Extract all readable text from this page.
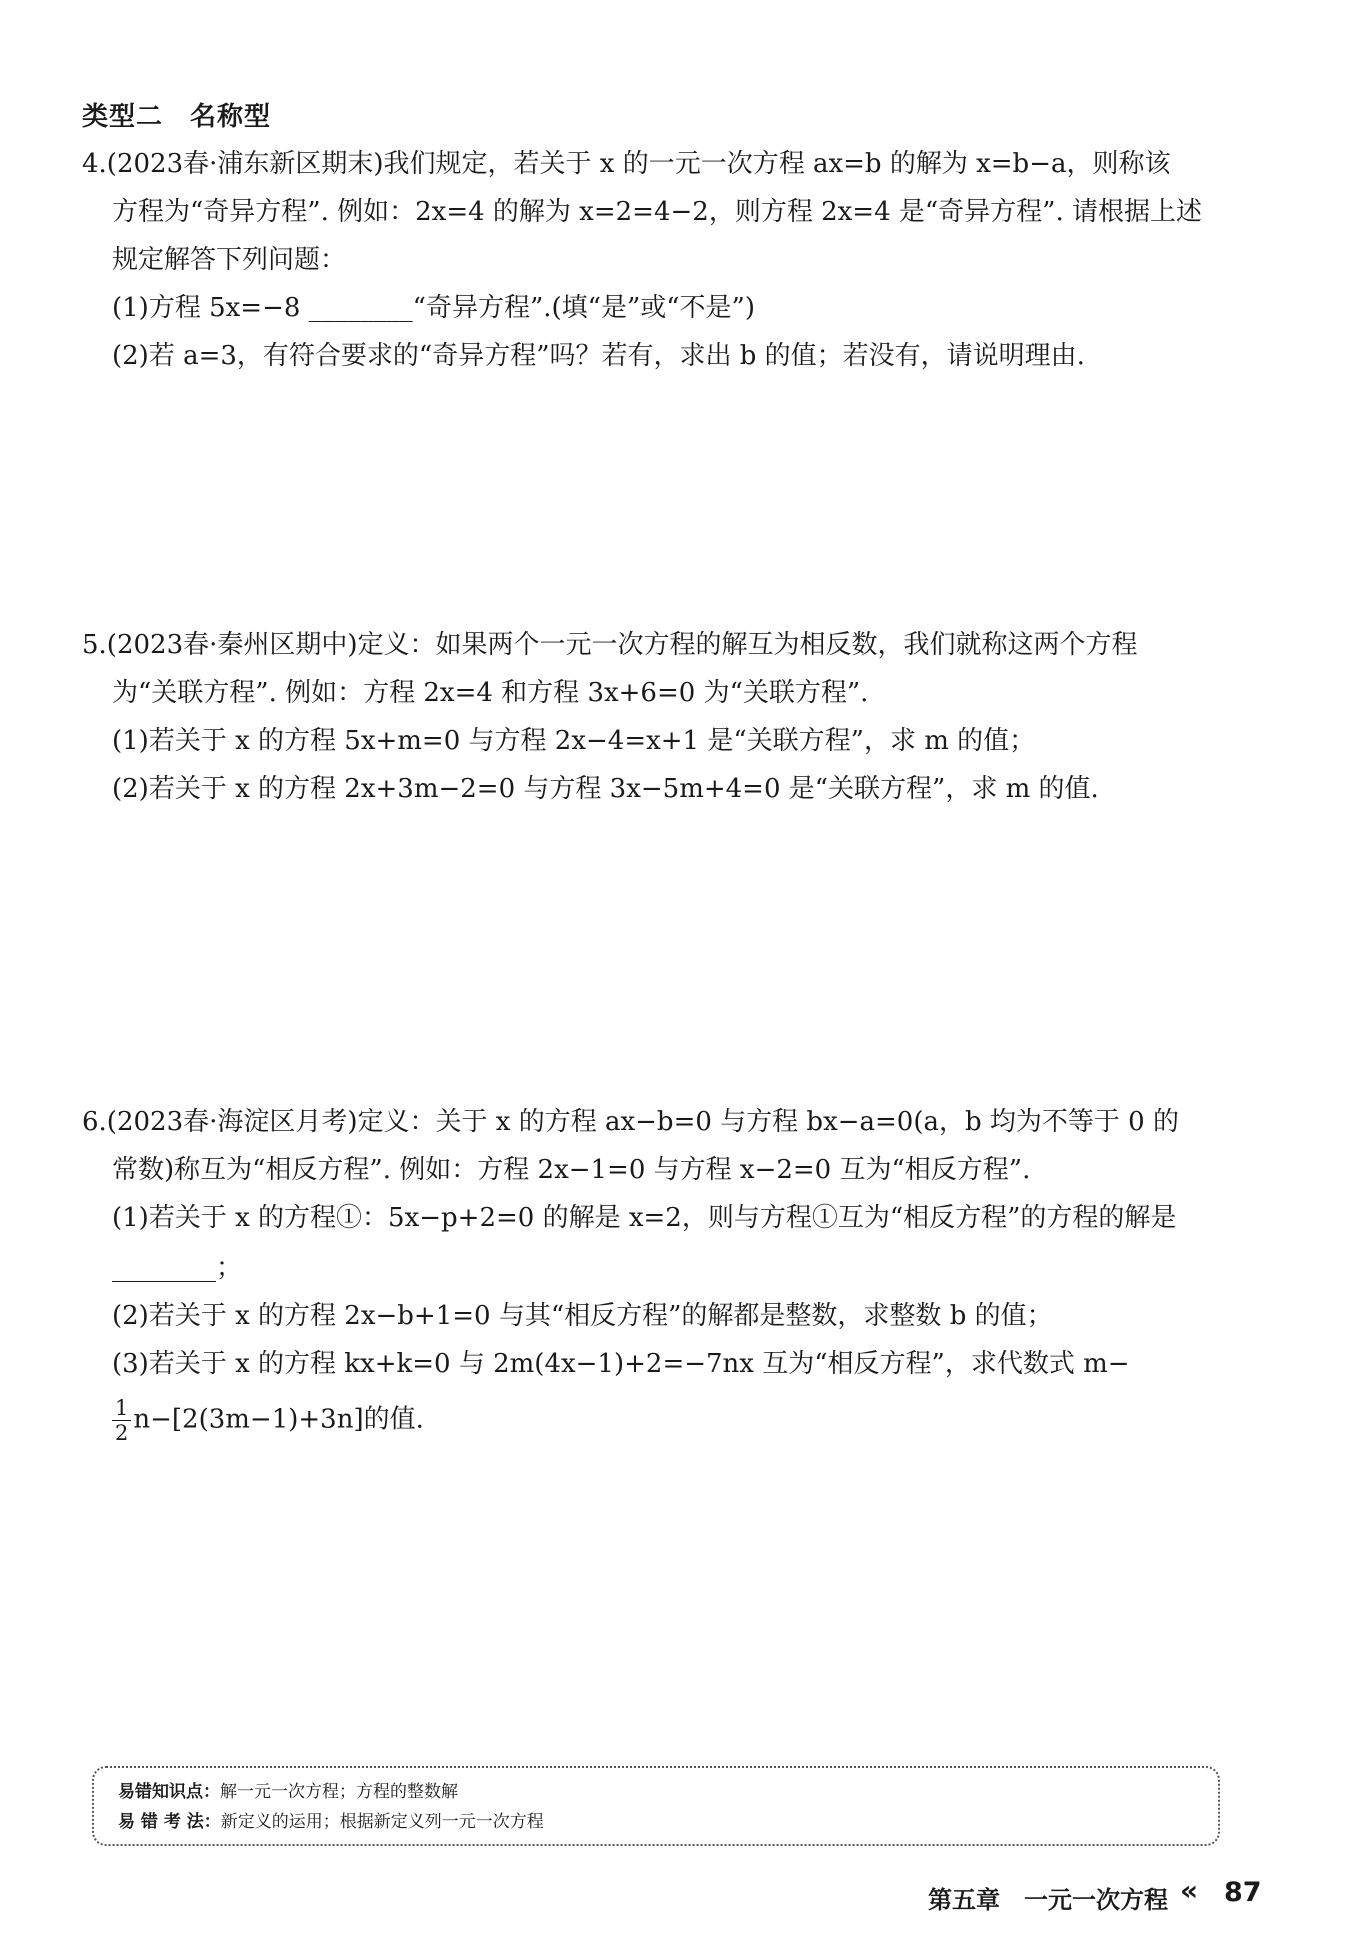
类型二　名称型
4.(2023春·浦东新区期末)我们规定，若关于 x 的一元一次方程 ax=b 的解为 x=b−a，则称该
方程为“奇异方程”. 例如：2x=4 的解为 x=2=4−2，则方程 2x=4 是“奇异方程”. 请根据上述
规定解答下列问题：
(1)方程 5x=−8 ________“奇异方程”.(填“是”或“不是”)
(2)若 a=3，有符合要求的“奇异方程”吗？若有，求出 b 的值；若没有，请说明理由.
5.(2023春·秦州区期中)定义：如果两个一元一次方程的解互为相反数，我们就称这两个方程
为“关联方程”. 例如：方程 2x=4 和方程 3x+6=0 为“关联方程”.
(1)若关于 x 的方程 5x+m=0 与方程 2x−4=x+1 是“关联方程”，求 m 的值；
(2)若关于 x 的方程 2x+3m−2=0 与方程 3x−5m+4=0 是“关联方程”，求 m 的值.
6.(2023春·海淀区月考)定义：关于 x 的方程 ax−b=0 与方程 bx−a=0(a，b 均为不等于 0 的
常数)称互为“相反方程”. 例如：方程 2x−1=0 与方程 x−2=0 互为“相反方程”.
(1)若关于 x 的方程①：5x−p+2=0 的解是 x=2，则与方程①互为“相反方程”的方程的解是
________；
(2)若关于 x 的方程 2x−b+1=0 与其“相反方程”的解都是整数，求整数 b 的值；
(3)若关于 x 的方程 kx+k=0 与 2m(4x−1)+2=−7nx 互为“相反方程”，求代数式 m−
$\frac{1}{2} n-[2(3m-1)+3n]$的值.
易错知识点：解一元一次方程；方程的整数解
易 错 考 法：新定义的运用；根据新定义列一元一次方程
第五章　一元一次方程 « 87
